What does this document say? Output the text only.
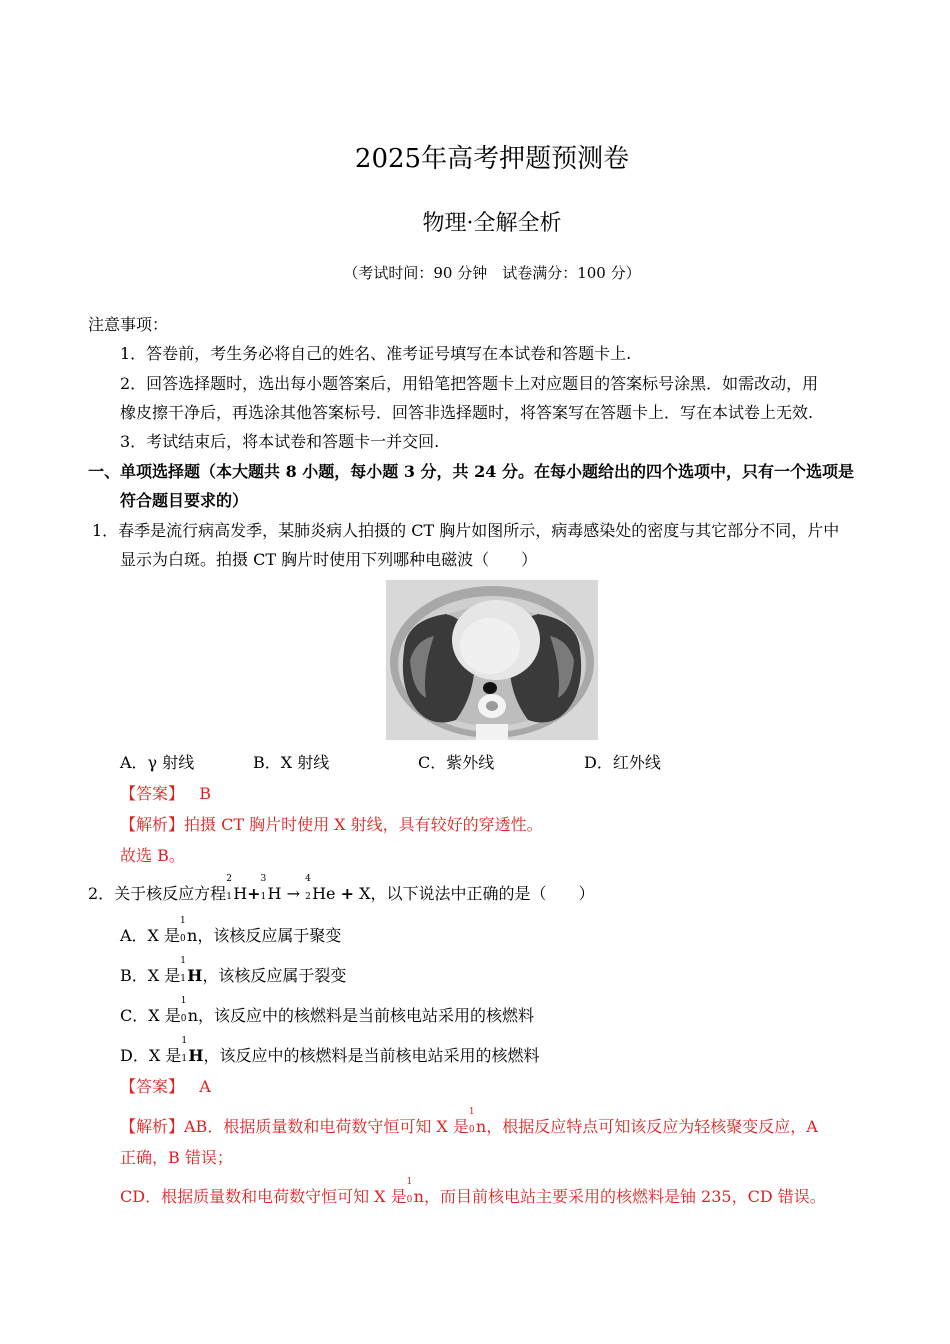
2025年高考押题预测卷
物理·全解全析
（考试时间：90 分钟　试卷满分：100 分）
注意事项：
1．答卷前，考生务必将自己的姓名、准考证号填写在本试卷和答题卡上.
2．回答选择题时，选出每小题答案后，用铅笔把答题卡上对应题目的答案标号涂黑．如需改动，用
橡皮擦干净后，再选涂其他答案标号．回答非选择题时，将答案写在答题卡上．写在本试卷上无效.
3．考试结束后，将本试卷和答题卡一并交回.
一、单项选择题（本大题共 8 小题，每小题 3 分，共 24 分。在每小题给出的四个选项中，只有一个选项是
符合题目要求的）
1．春季是流行病高发季，某肺炎病人拍摄的 CT 胸片如图所示，病毒感染处的密度与其它部分不同，片中
显示为白斑。拍摄 CT 胸片时使用下列哪种电磁波（　　）
A．γ 射线	B．X 射线	C．紫外线	D．红外线
【答案】 B
【解析】拍摄 CT 胸片时使用 X 射线，具有较好的穿透性。
故选 B。
2．关于核反应方程
2
1 H+
3
1 H →
4
2 He + X，以下说法中正确的是（　　）
A．X 是
1
0 n，该核反应属于聚变
B．X 是
1
1 H，该核反应属于裂变
C．X 是
1
0 n，该反应中的核燃料是当前核电站采用的核燃料
D．X 是
1
1 H，该反应中的核燃料是当前核电站采用的核燃料
【答案】 A
【解析】AB．根据质量数和电荷数守恒可知 X 是
1
0 n，根据反应特点可知该反应为轻核聚变反应，A
正确，B 错误；
CD．根据质量数和电荷数守恒可知 X 是
1
0 n，而目前核电站主要采用的核燃料是铀 235，CD 错误。
